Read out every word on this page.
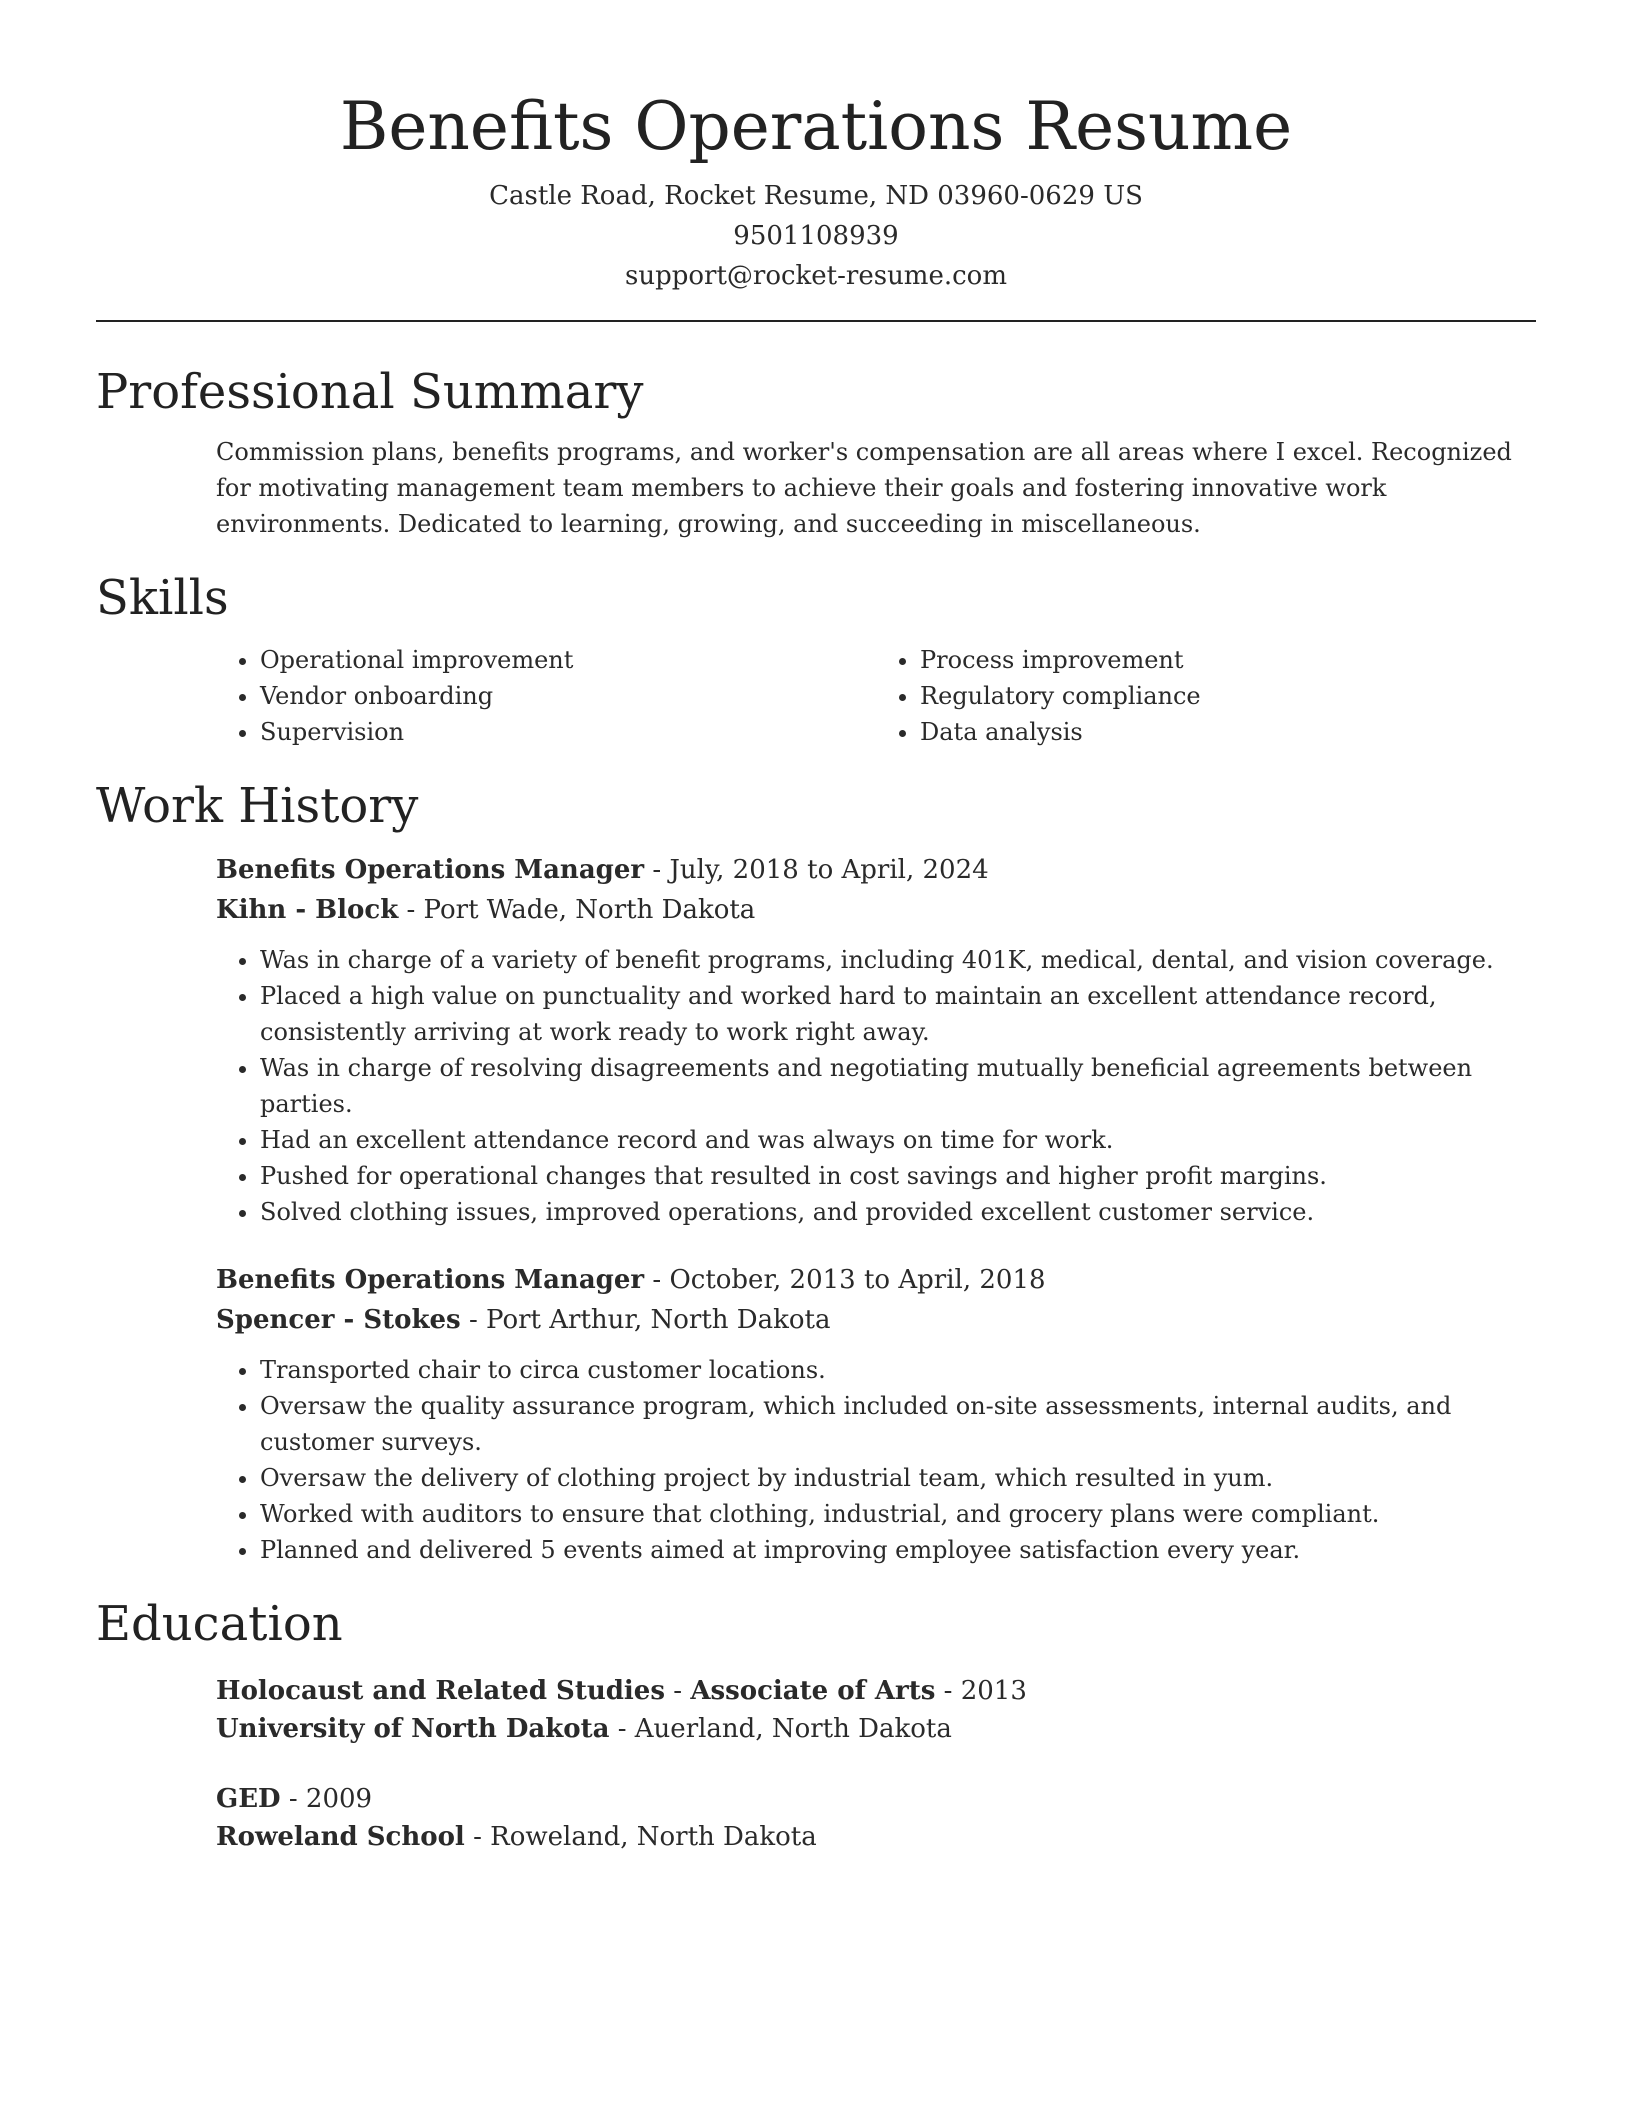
Benefits Operations Resume
Castle Road, Rocket Resume, ND 03960-0629 US
9501108939
support@rocket-resume.com
Professional Summary

Commission plans, benefits programs, and worker's compensation are all areas where I excel. Recognized for motivating management team members to achieve their goals and fostering innovative work environments. Dedicated to learning, growing, and succeeding in miscellaneous.

Skills
• Operational improvement
• Vendor onboarding
• Supervision
• Process improvement
• Regulatory compliance
• Data analysis
Work History
Benefits Operations Manager - July, 2018 to April, 2024
Kihn - Block - Port Wade, North Dakota
• Was in charge of a variety of benefit programs, including 401K, medical, dental, and vision coverage.
• Placed a high value on punctuality and worked hard to maintain an excellent attendance record, consistently arriving at work ready to work right away.
• Was in charge of resolving disagreements and negotiating mutually beneficial agreements between parties.
• Had an excellent attendance record and was always on time for work.
• Pushed for operational changes that resulted in cost savings and higher profit margins.
• Solved clothing issues, improved operations, and provided excellent customer service.
Benefits Operations Manager - October, 2013 to April, 2018
Spencer - Stokes - Port Arthur, North Dakota
• Transported chair to circa customer locations.
• Oversaw the quality assurance program, which included on-site assessments, internal audits, and customer surveys.
• Oversaw the delivery of clothing project by industrial team, which resulted in yum.
• Worked with auditors to ensure that clothing, industrial, and grocery plans were compliant.
• Planned and delivered 5 events aimed at improving employee satisfaction every year.
Education
Holocaust and Related Studies - Associate of Arts - 2013
University of North Dakota - Auerland, North Dakota
GED - 2009
Roweland School - Roweland, North Dakota
